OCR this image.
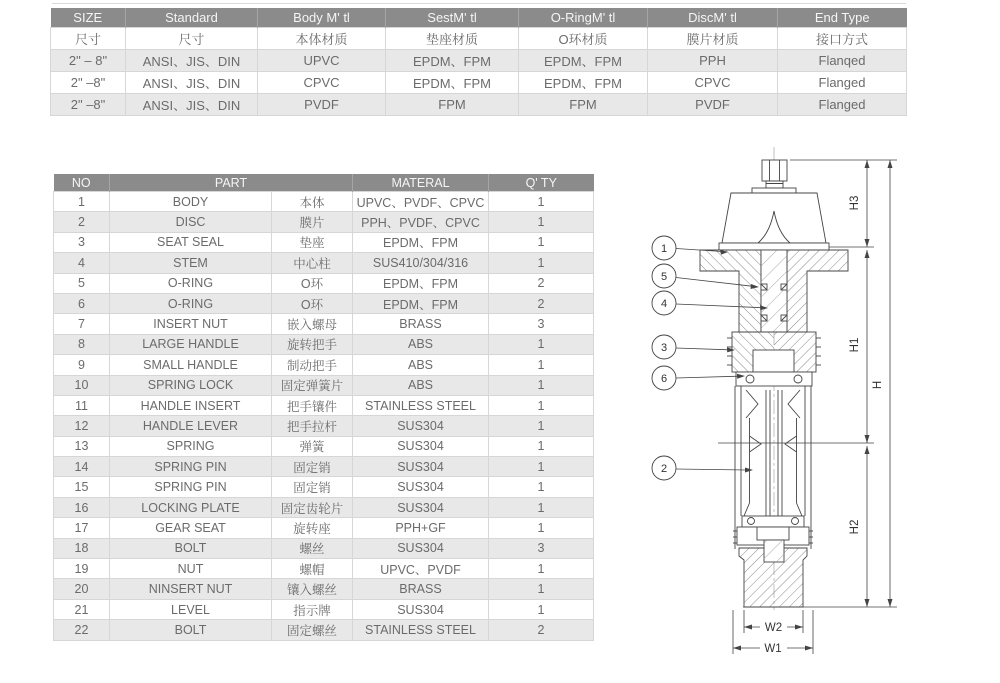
SIZE	Standard	Body M' tl	SestM' tl	O-RingM' tl	DiscM' tl	End Type
尺寸	尺寸	本体材质	垫座材质	O环材质	膜片材质	接口方式
2" – 8"	ANSI、JIS、DIN	UPVC	EPDM、FPM	EPDM、FPM	PPH	Flanqed
2" –8"	ANSI、JIS、DIN	CPVC	EPDM、FPM	EPDM、FPM	CPVC	Flanged
2" –8"	ANSI、JIS、DIN	PVDF	FPM	FPM	PVDF	Flanged
NO	PART		MATERAL	Q' TY
1	BODY	本体	UPVC、PVDF、CPVC	1
2	DISC	膜片	PPH、PVDF、CPVC	1
3	SEAT SEAL	垫座	EPDM、FPM	1
4	STEM	中心柱	SUS410/304/316	1
5	O-RING	O环	EPDM、FPM	2
6	O-RING	O环	EPDM、FPM	2
7	INSERT NUT	嵌入螺母	BRASS	3
8	LARGE HANDLE	旋转把手	ABS	1
9	SMALL HANDLE	制动把手	ABS	1
10	SPRING LOCK	固定弹簧片	ABS	1
11	HANDLE INSERT	把手镶件	STAINLESS STEEL	1
12	HANDLE LEVER	把手拉杆	SUS304	1
13	SPRING	弹簧	SUS304	1
14	SPRING PIN	固定销	SUS304	1
15	SPRING PIN	固定销	SUS304	1
16	LOCKING PLATE	固定齿轮片	SUS304	1
17	GEAR SEAT	旋转座	PPH+GF	1
18	BOLT	螺丝	SUS304	3
19	NUT	螺帽	UPVC、PVDF	1
20	NINSERT NUT	镶入螺丝	BRASS	1
21	LEVEL	指示牌	SUS304	1
22	BOLT	固定螺丝	STAINLESS STEEL	2
H3
H1
H2
H
W2
W1
1
5
4
3
6
2
